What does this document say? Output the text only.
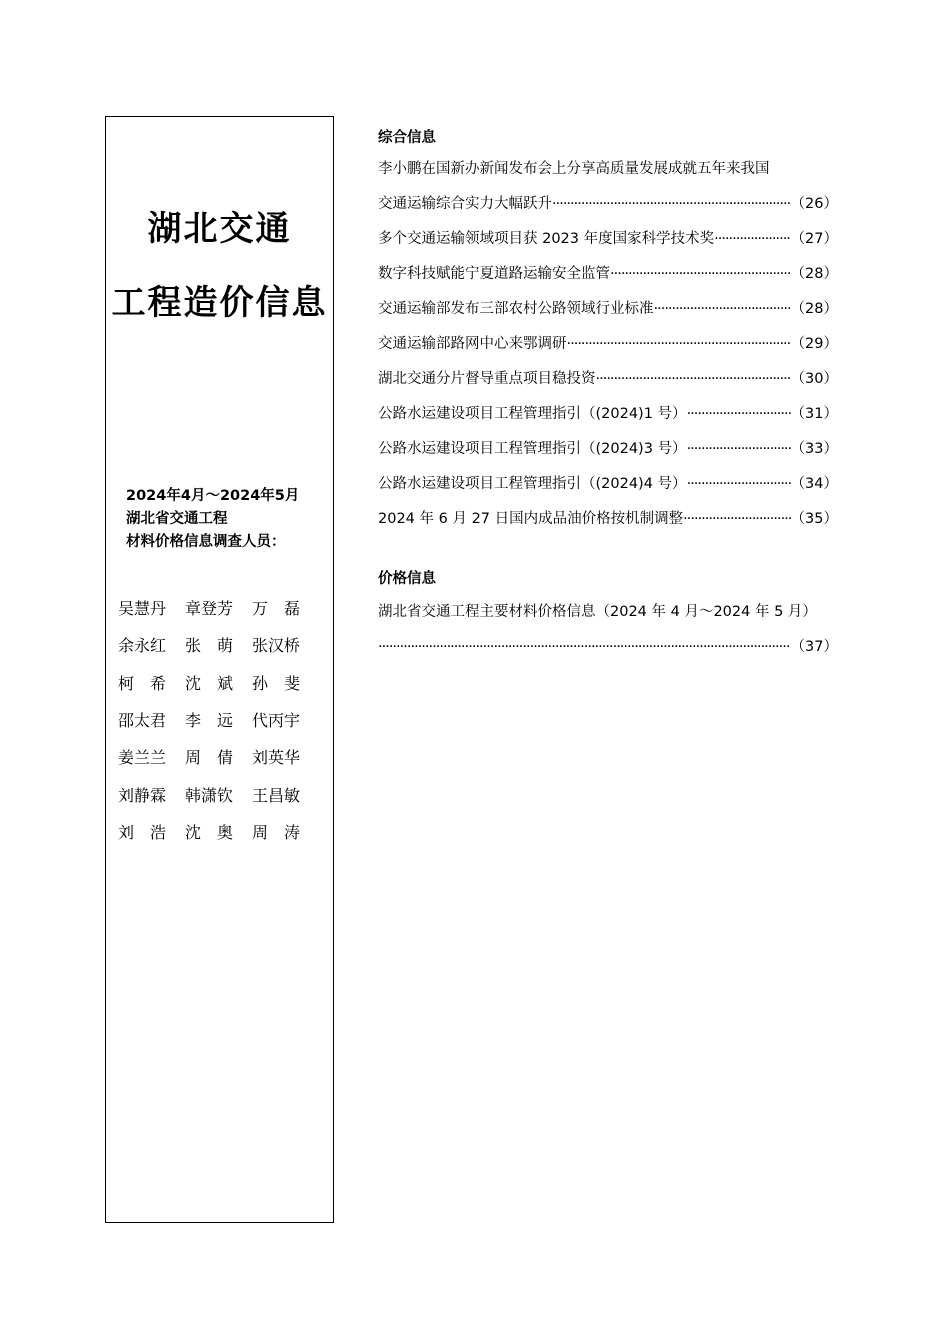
湖北交通
工程造价信息
2024年4月～2024年5月
湖北省交通工程
材料价格信息调查人员：
吴慧丹	章登芳	万　磊
余永红	张　萌	张汉桥
柯　希	沈　斌	孙　斐
邵太君	李　远	代丙宇
姜兰兰	周　倩	刘英华
刘静霖	韩潇钦	王昌敏
刘　浩	沈　奥	周　涛
综合信息
李小鹏在国新办新闻发布会上分享高质量发展成就五年来我国
交通运输综合实力大幅跃升 ·····	（26）
多个交通运输领域项目获 2023 年度国家科学技术奖 ·····	（27）
数字科技赋能宁夏道路运输安全监管 ·····	（28）
交通运输部发布三部农村公路领域行业标准 ·····	（28）
交通运输部路网中心来鄂调研 ·····	（29）
湖北交通分片督导重点项目稳投资 ·····	（30）
公路水运建设项目工程管理指引（(2024)1 号） ·····	（31）
公路水运建设项目工程管理指引（(2024)3 号） ·····	（33）
公路水运建设项目工程管理指引（(2024)4 号） ·····	（34）
2024 年 6 月 27 日国内成品油价格按机制调整 ·····	（35）
价格信息
湖北省交通工程主要材料价格信息（2024 年 4 月～2024 年 5 月）
·····
（37）
